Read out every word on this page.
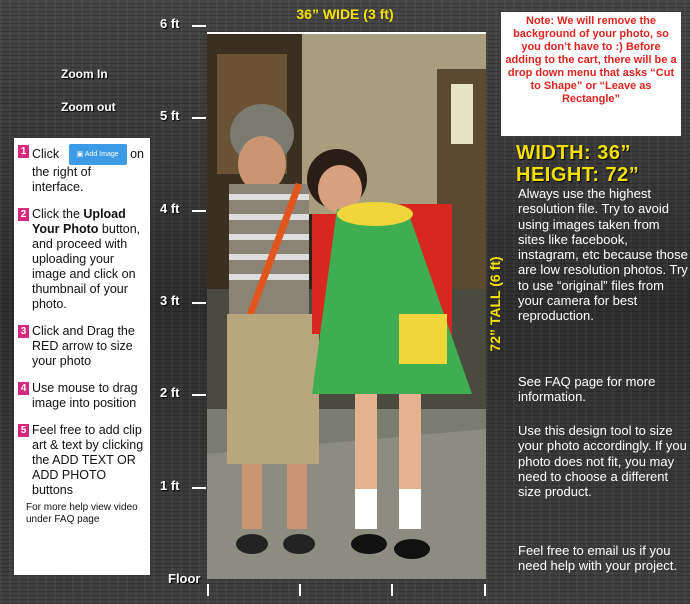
6 ft
5 ft
4 ft
3 ft
2 ft
1 ft
Floor
Zoom In
Zoom out
1 Click ▣ Add Image on the right of interface.
2 Click the Upload Your Photo button, and proceed with uploading your image and click on thumbnail of your photo.
3 Click and Drag the RED arrow to size your photo
4 Use mouse to drag image into position
5 Feel free to add clip art & text by clicking the ADD TEXT OR ADD PHOTO buttons
For more help view video under FAQ page
36” WIDE (3 ft)
72” TALL (6 ft)
Note: We will remove the background of your photo, so you don’t have to :) Before adding to the cart, there will be a drop down menu that asks “Cut to Shape” or “Leave as Rectangle”
WIDTH: 36”
HEIGHT: 72”
Always use the highest resolution file. Try to avoid using images taken from sites like facebook, instagram, etc because those are low resolution photos. Try to use “original” files from your camera for best reproduction.
See FAQ page for more information.
Use this design tool to size your photo accordingly. If you photo does not fit, you may need to choose a different size product.
Feel free to email us if you need help with your project.
